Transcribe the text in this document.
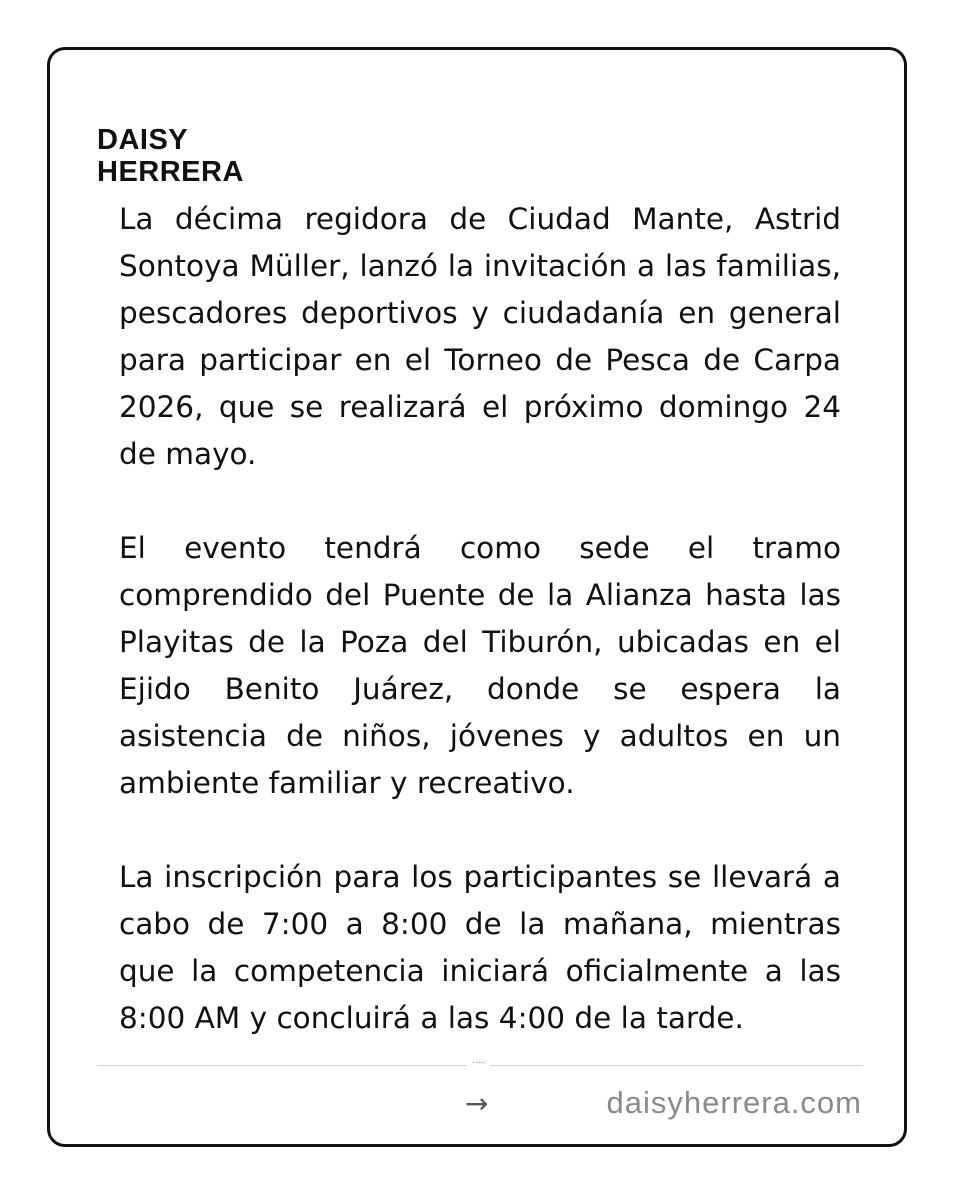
DAISY
HERRERA

La décima regidora de Ciudad Mante, Astrid Sontoya Müller, lanzó la invitación a las familias, pescadores deportivos y ciudadanía en general para participar en el Torneo de Pesca de Carpa 2026, que se realizará el próximo domingo 24 de mayo.

El evento tendrá como sede el tramo comprendido del Puente de la Alianza hasta las Playitas de la Poza del Tiburón, ubicadas en el Ejido Benito Juárez, donde se espera la asistencia de niños, jóvenes y adultos en un ambiente familiar y recreativo.

La inscripción para los participantes se llevará a cabo de 7:00 a 8:00 de la mañana, mientras que la competencia iniciará oficialmente a las 8:00 AM y concluirá a las 4:00 de la tarde.

• ••••
→	daisyherrera.com
